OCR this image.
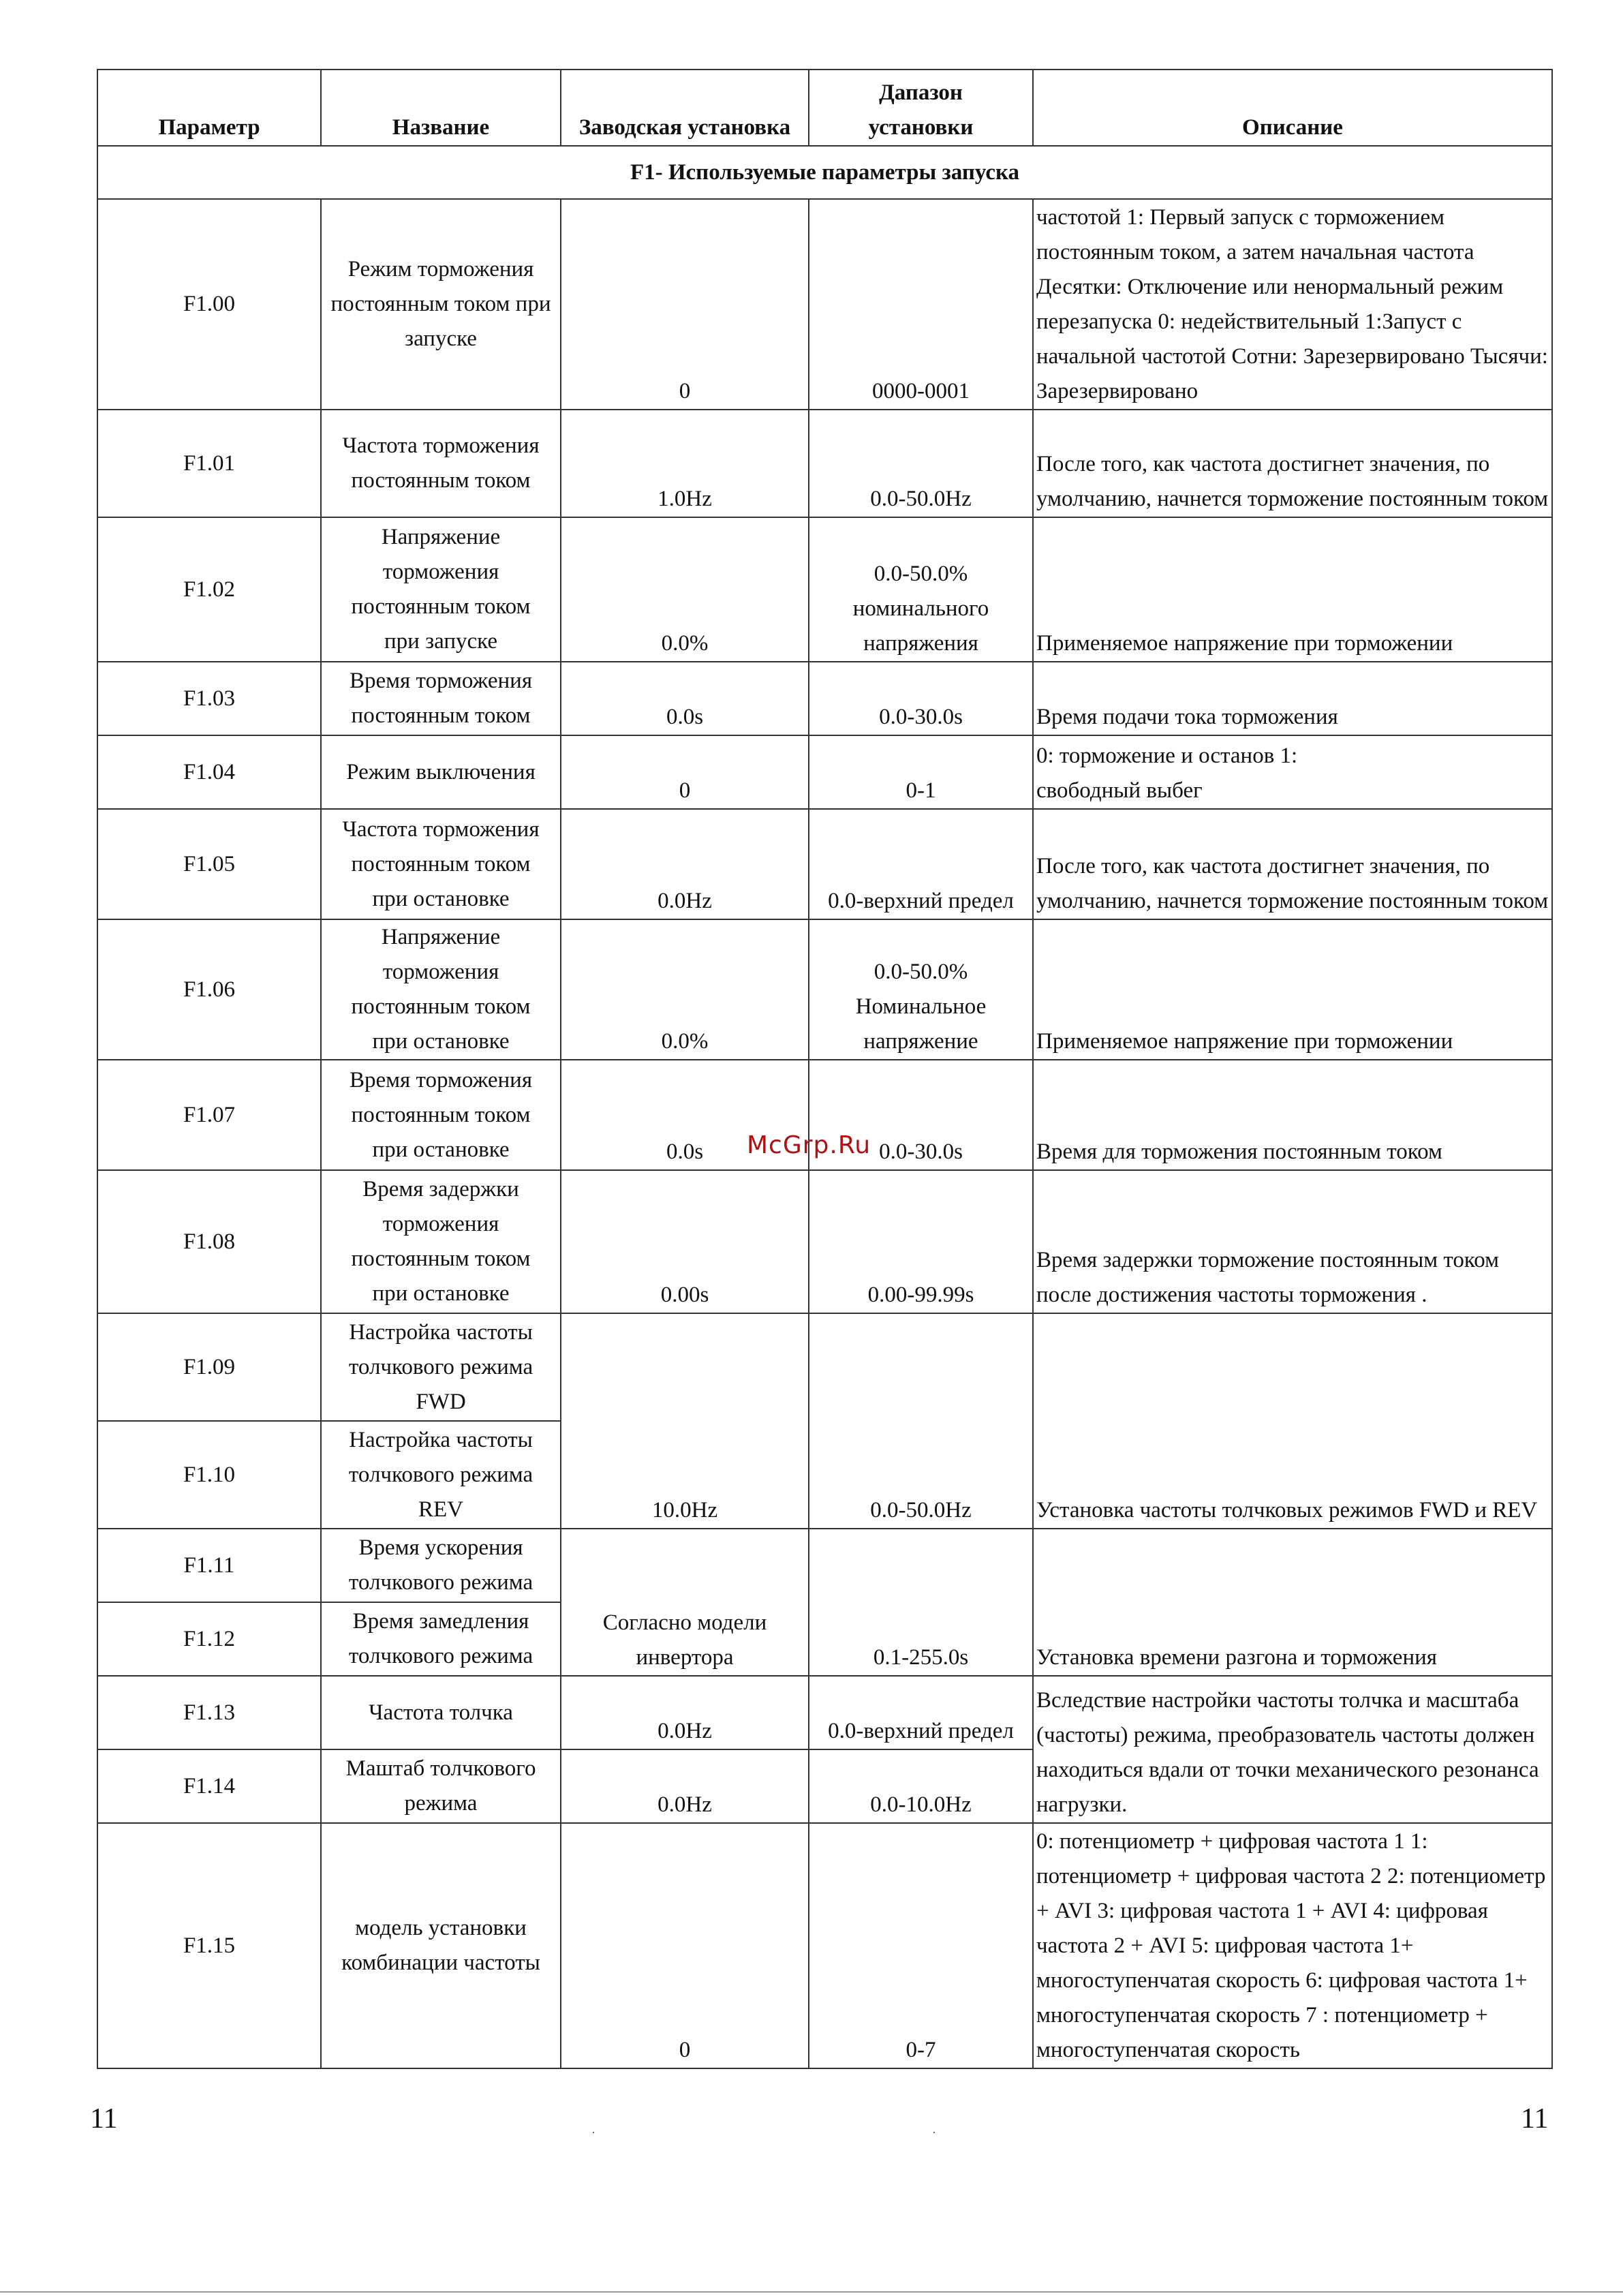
Параметр	Название	Заводская установка	Дапазон установки	Описание
F1- Используемые параметры запуска				
F1.00	Режим торможения постоянным током при запуске	0	0000-0001	частотой 1: Первый запуск с торможением постоянным током, а затем начальная частота Десятки: Отключение или ненормальный режим перезапуска 0: недействительный 1:Запуст с начальной частотой Сотни: Зарезервировано Тысячи: Зарезервировано
F1.01	Частота торможения постоянным током	1.0Hz	0.0-50.0Hz	После того, как частота достигнет значения, по умолчанию, начнется торможение постоянным током
F1.02	Напряжение торможения постоянным током при запуске	0.0%	0.0-50.0% номинального напряжения	Применяемое напряжение при торможении
F1.03	Время торможения постоянным током	0.0s	0.0-30.0s	Время подачи тока торможения
F1.04	Режим выключения	0	0-1	0: торможение и останов 1: свободный выбег
F1.05	Частота торможения постоянным током при остановке	0.0Hz	0.0-верхний предел	После того, как частота достигнет значения, по умолчанию, начнется торможение постоянным током
F1.06	Напряжение торможения постоянным током при остановке	0.0%	0.0-50.0% Номинальное напряжение	Применяемое напряжение при торможении
F1.07	Время торможения постоянным током при остановке	0.0s	0.0-30.0s	Время для торможения постоянным током
F1.08	Время задержки торможения постоянным током при остановке	0.00s	0.00-99.99s	Время задержки торможение постоянным током после достижения частоты торможения .
F1.09	Настройка частоты толчкового режима FWD	10.0Hz	0.0-50.0Hz	Установка частоты толчковых режимов FWD и REV
F1.10	Настройка частоты толчкового режима REV			
F1.11	Время ускорения толчкового режима	Согласно модели инвертора	0.1-255.0s	Установка времени разгона и торможения
F1.12	Время замедления толчкового режима			
F1.13	Частота толчка	0.0Hz	0.0-верхний предел	Вследствие настройки частоты толчка и масштаба (частоты) режима, преобразователь частоты должен находиться вдали от точки механического резонанса нагрузки.
F1.14	Маштаб толчкового режима	0.0Hz	0.0-10.0Hz	
F1.15	модель установки комбинации частоты	0	0-7	0: потенциометр + цифровая частота 1 1: потенциометр + цифровая частота 2 2: потенциометр + AVI 3: цифровая частота 1 + AVI 4: цифровая частота 2 + AVI 5: цифровая частота 1+ многоступенчатая скорость 6: цифровая частота 1+ многоступенчатая скорость 7 : потенциометр + многоступенчатая скорость
McGrp.Ru
11	11
